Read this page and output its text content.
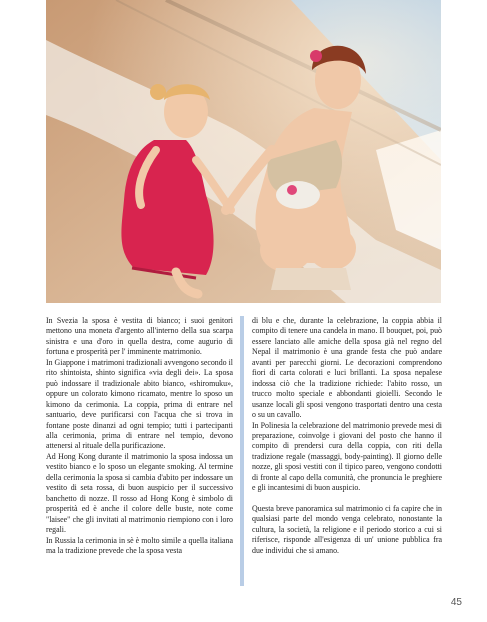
In Svezia la sposa è vestita di bianco; i suoi genitori mettono una moneta d'argento all'interno della sua scarpa sinistra e una d'oro in quella destra, come augurio di fortuna e prosperità per l' imminente matrimonio.

In Giappone i matrimoni tradizionali avvengono secondo il rito shintoista, shinto significa «via degli dei». La sposa può indossare il tradizionale abito bianco, «shiromuku», oppure un colorato kimono ricamato, mentre lo sposo un kimono da cerimonia. La coppia, prima di entrare nel santuario, deve purificarsi con l'acqua che si trova in fontane poste dinanzi ad ogni tempio; tutti i partecipanti alla cerimonia, prima di entrare nel tempio, devono attenersi al rituale della purificazione.

Ad Hong Kong durante il matrimonio la sposa indossa un vestito bianco e lo sposo un elegante smoking. Al termine della cerimonia la sposa si cambia d'abito per indossare un vestito di seta rossa, di buon auspicio per il successivo banchetto di nozze. Il rosso ad Hong Kong è simbolo di prosperità ed è anche il colore delle buste, note come "laisee" che gli invitati al matrimonio riempiono con i loro regali.

In Russia la cerimonia in sè è molto simile a quella italiana ma la tradizione prevede che la sposa vesta

di blu e che, durante la celebrazione, la coppia abbia il compito di tenere una candela in mano. Il bouquet, poi, può essere lanciato alle amiche della sposa già nel regno del Nepal il matrimonio è una grande festa che può andare avanti per parecchi giorni. Le decorazioni comprendono fiori di carta colorati e luci brillanti. La sposa nepalese indossa ciò che la tradizione richiede: l'abito rosso, un trucco molto speciale e abbondanti gioielli. Secondo le usanze locali gli sposi vengono trasportati dentro una cesta o su un cavallo.

In Polinesia la celebrazione del matrimonio prevede mesi di preparazione, coinvolge i giovani del posto che hanno il compito di prendersi cura della coppia, con riti della tradizione regale (massaggi, body-painting). Il giorno delle nozze, gli sposi vestiti con il tipico pareo, vengono condotti di fronte al capo della comunità, che pronuncia le preghiere e gli incantesimi di buon auspicio.

Questa breve panoramica sul matrimonio ci fa capire che in qualsiasi parte del mondo venga celebrato, nonostante la cultura, la società, la religione e il periodo storico a cui si riferisce, risponde all'esigenza di un' unione pubblica fra due individui che si amano.

45
